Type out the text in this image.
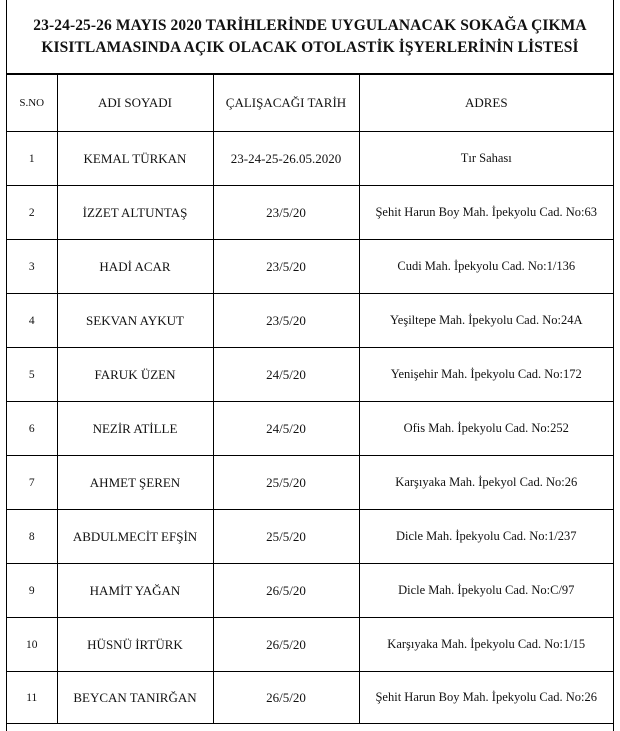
23-24-25-26 MAYIS 2020 TARİHLERİNDE UYGULANACAK SOKAĞA ÇIKMA
KISITLAMASINDA AÇIK OLACAK OTOLASTİK İŞYERLERİNİN LİSTESİ
S.NO	ADI SOYADI	ÇALIŞACAĞI TARİH	ADRES
1	KEMAL TÜRKAN	23-24-25-26.05.2020	Tır Sahası
2	İZZET ALTUNTAŞ	23/5/20	Şehit Harun Boy Mah. İpekyolu Cad. No:63
3	HADİ ACAR	23/5/20	Cudi Mah. İpekyolu Cad. No:1/136
4	SEKVAN AYKUT	23/5/20	Yeşiltepe Mah. İpekyolu Cad. No:24A
5	FARUK ÜZEN	24/5/20	Yenişehir Mah. İpekyolu Cad. No:172
6	NEZİR ATİLLE	24/5/20	Ofis Mah. İpekyolu Cad. No:252
7	AHMET ŞEREN	25/5/20	Karşıyaka Mah. İpekyol Cad. No:26
8	ABDULMECİT EFŞİN	25/5/20	Dicle Mah. İpekyolu Cad. No:1/237
9	HAMİT YAĞAN	26/5/20	Dicle Mah. İpekyolu Cad. No:C/97
10	HÜSNÜ İRTÜRK	26/5/20	Karşıyaka Mah. İpekyolu Cad. No:1/15
11	BEYCAN TANIRĞAN	26/5/20	Şehit Harun Boy Mah. İpekyolu Cad. No:26
